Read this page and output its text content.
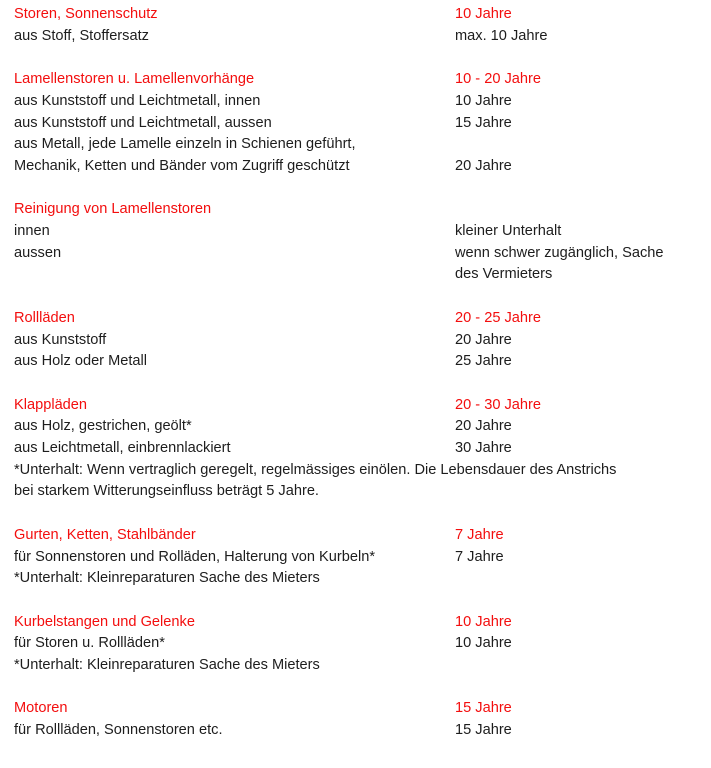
Storen, Sonnenschutz	10 Jahre
aus Stoff, Stoffersatz	max. 10 Jahre
Lamellenstoren u. Lamellenvorhänge	10 - 20 Jahre
aus Kunststoff und Leichtmetall, innen	10 Jahre
aus Kunststoff und Leichtmetall, aussen	15 Jahre
aus Metall, jede Lamelle einzeln in Schienen geführt,
Mechanik, Ketten und Bänder vom Zugriff geschützt	20 Jahre
Reinigung von Lamellenstoren
innen	kleiner Unterhalt
aussen	wenn schwer zugänglich, Sache des Vermieters
Rollläden	20 - 25 Jahre
aus Kunststoff	20 Jahre
aus Holz oder Metall	25 Jahre
Klappläden	20 - 30 Jahre
aus Holz, gestrichen, geölt*	20 Jahre
aus Leichtmetall, einbrennlackiert	30 Jahre
*Unterhalt: Wenn vertraglich geregelt, regelmässiges einölen. Die Lebensdauer des Anstrichs
bei starkem Witterungseinfluss beträgt 5 Jahre.
Gurten, Ketten, Stahlbänder	7 Jahre
für Sonnenstoren und Rolläden, Halterung von Kurbeln*	7 Jahre
*Unterhalt: Kleinreparaturen Sache des Mieters
Kurbelstangen und Gelenke	10 Jahre
für Storen u. Rollläden*	10 Jahre
*Unterhalt: Kleinreparaturen Sache des Mieters
Motoren	15 Jahre
für Rollläden, Sonnenstoren etc.	15 Jahre
